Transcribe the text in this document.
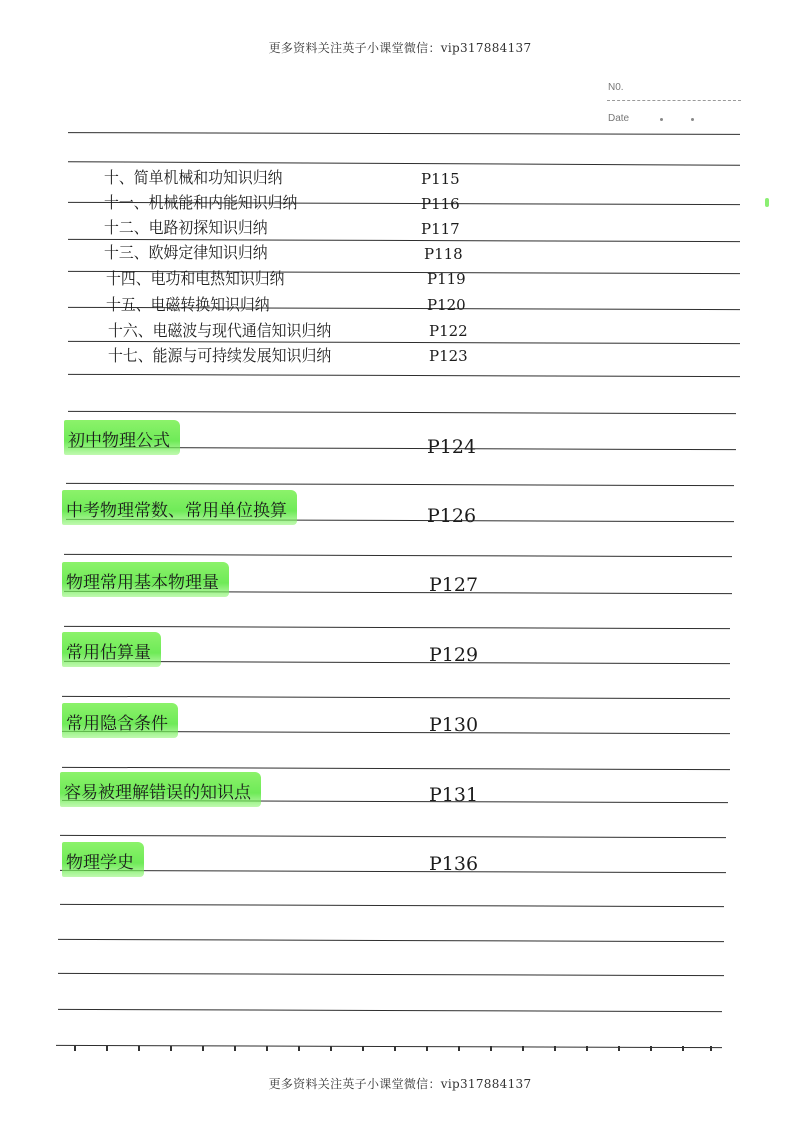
更多资料关注英子小课堂微信：vip317884137
N0.
Date
十、简单机械和功知识归纳	P115
十一、机械能和内能知识归纳	P116
十二、电路初探知识归纳	P117
十三、欧姆定律知识归纳	P118
十四、电功和电热知识归纳	P119
十五、电磁转换知识归纳	P120
十六、电磁波与现代通信知识归纳	P122
十七、能源与可持续发展知识归纳	P123
初中物理公式	P124
中考物理常数、常用单位换算	P126
物理常用基本物理量	P127
常用估算量	P129
常用隐含条件	P130
容易被理解错误的知识点	P131
物理学史	P136
更多资料关注英子小课堂微信：vip317884137
